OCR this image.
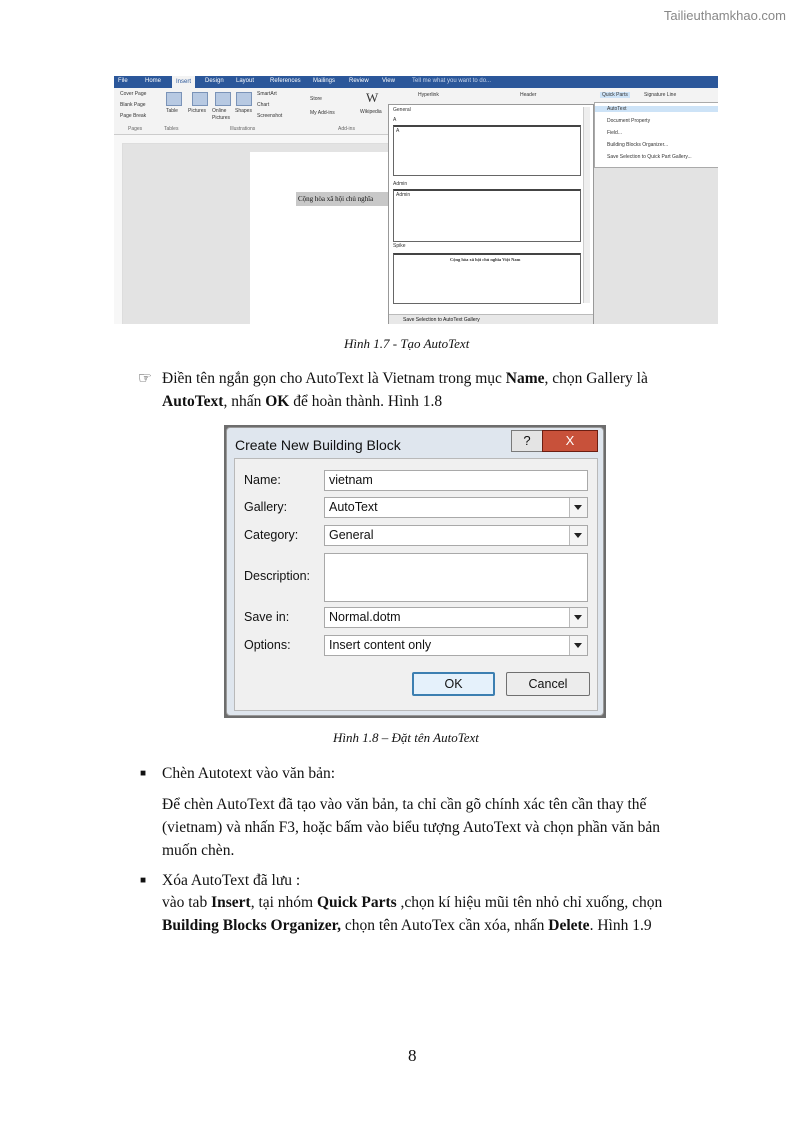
Tailieuthamkhao.com
File	Home	Insert	Design Layout	References Mailings Review View	Tell me what you want to do...
Cover Page
Blank Page
Page Break
Pages
Table
Tables
Pictures Online Pictures
Shapes
SmartArt
Chart
Screenshot
Illustrations
Store
My Add-ins	Wikipedia
W
Add-ins
Hyperlink	Header	Quick Parts	Signature Line
Cộng hòa xã hội chủ nghĩa
General
A
A
Admin
Admin
Spike
Cộng hòa xã hội chủ nghĩa Việt Nam
Save Selection to AutoText Gallery
AutoText
Document Property
Field...
Building Blocks Organizer...
Save Selection to Quick Part Gallery...
Hình 1.7 - Tạo AutoText
☞ Điền tên ngắn gọn cho AutoText là Vietnam trong mục Name, chọn Gallery là
AutoText, nhấn OK để hoàn thành. Hình 1.8
Create New Building Block	?	X
Name:	vietnam
Gallery:	AutoText
Category:	General
Description:
Save in:	Normal.dotm
Options:	Insert content only
OK	Cancel
Hình 1.8 – Đặt tên AutoText
■ Chèn Autotext vào văn bản:
Để chèn AutoText đã tạo vào văn bản, ta chỉ cần gõ chính xác tên cần thay thế
(vietnam) và nhấn F3, hoặc bấm vào biểu tượng AutoText và chọn phần văn bản
muốn chèn.
■ Xóa AutoText đã lưu :
vào tab Insert, tại nhóm Quick Parts ,chọn kí hiệu mũi tên nhỏ chỉ xuống, chọn
Building Blocks Organizer, chọn tên AutoTex cần xóa, nhấn Delete. Hình 1.9
8
